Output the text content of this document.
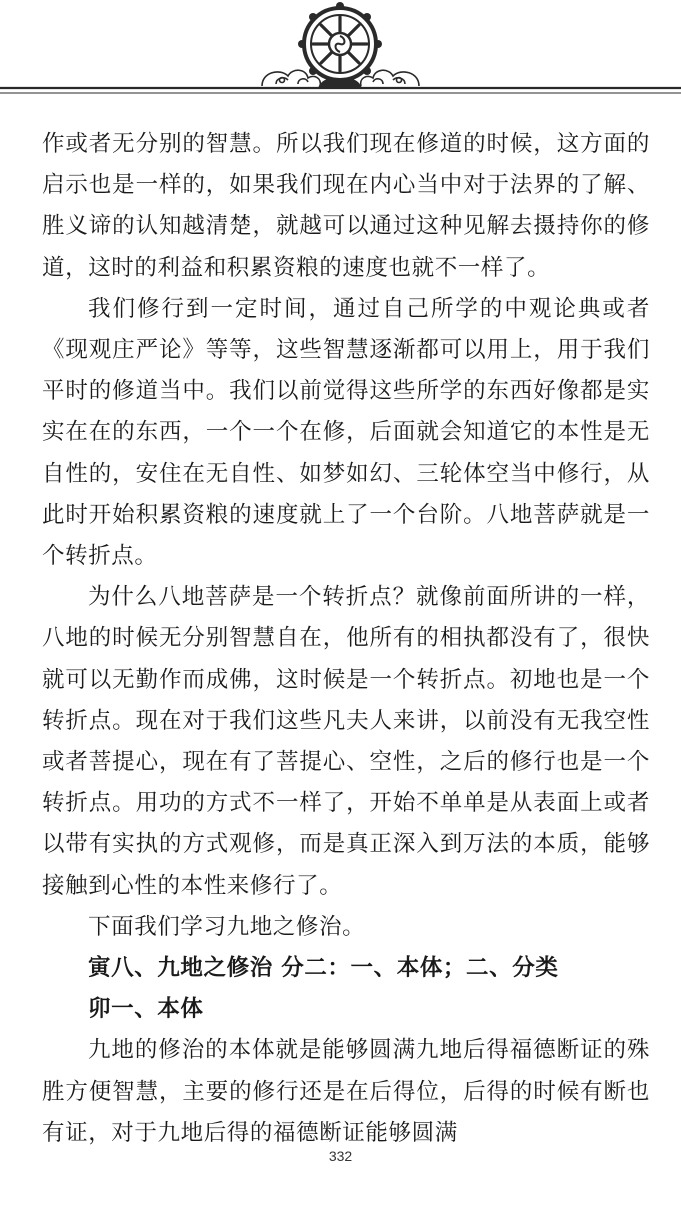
作或者无分别的智慧。所以我们现在修道的时候，这方面的启示也是一样的，如果我们现在内心当中对于法界的了解、胜义谛的认知越清楚，就越可以通过这种见解去摄持你的修道，这时的利益和积累资粮的速度也就不一样了。

我们修行到一定时间，通过自己所学的中观论典或者《现观庄严论》等等，这些智慧逐渐都可以用上，用于我们平时的修道当中。我们以前觉得这些所学的东西好像都是实实在在的东西，一个一个在修，后面就会知道它的本性是无自性的，安住在无自性、如梦如幻、三轮体空当中修行，从此时开始积累资粮的速度就上了一个台阶。八地菩萨就是一个转折点。

为什么八地菩萨是一个转折点？就像前面所讲的一样，八地的时候无分别智慧自在，他所有的相执都没有了，很快就可以无勤作而成佛，这时候是一个转折点。初地也是一个转折点。现在对于我们这些凡夫人来讲，以前没有无我空性或者菩提心，现在有了菩提心、空性，之后的修行也是一个转折点。用功的方式不一样了，开始不单单是从表面上或者以带有实执的方式观修，而是真正深入到万法的本质，能够接触到心性的本性来修行了。

下面我们学习九地之修治。

寅八、九地之修治 分二：一、本体；二、分类

卯一、本体

九地的修治的本体就是能够圆满九地后得福德断证的殊胜方便智慧，主要的修行还是在后得位，后得的时候有断也有证，对于九地后得的福德断证能够圆满

332
